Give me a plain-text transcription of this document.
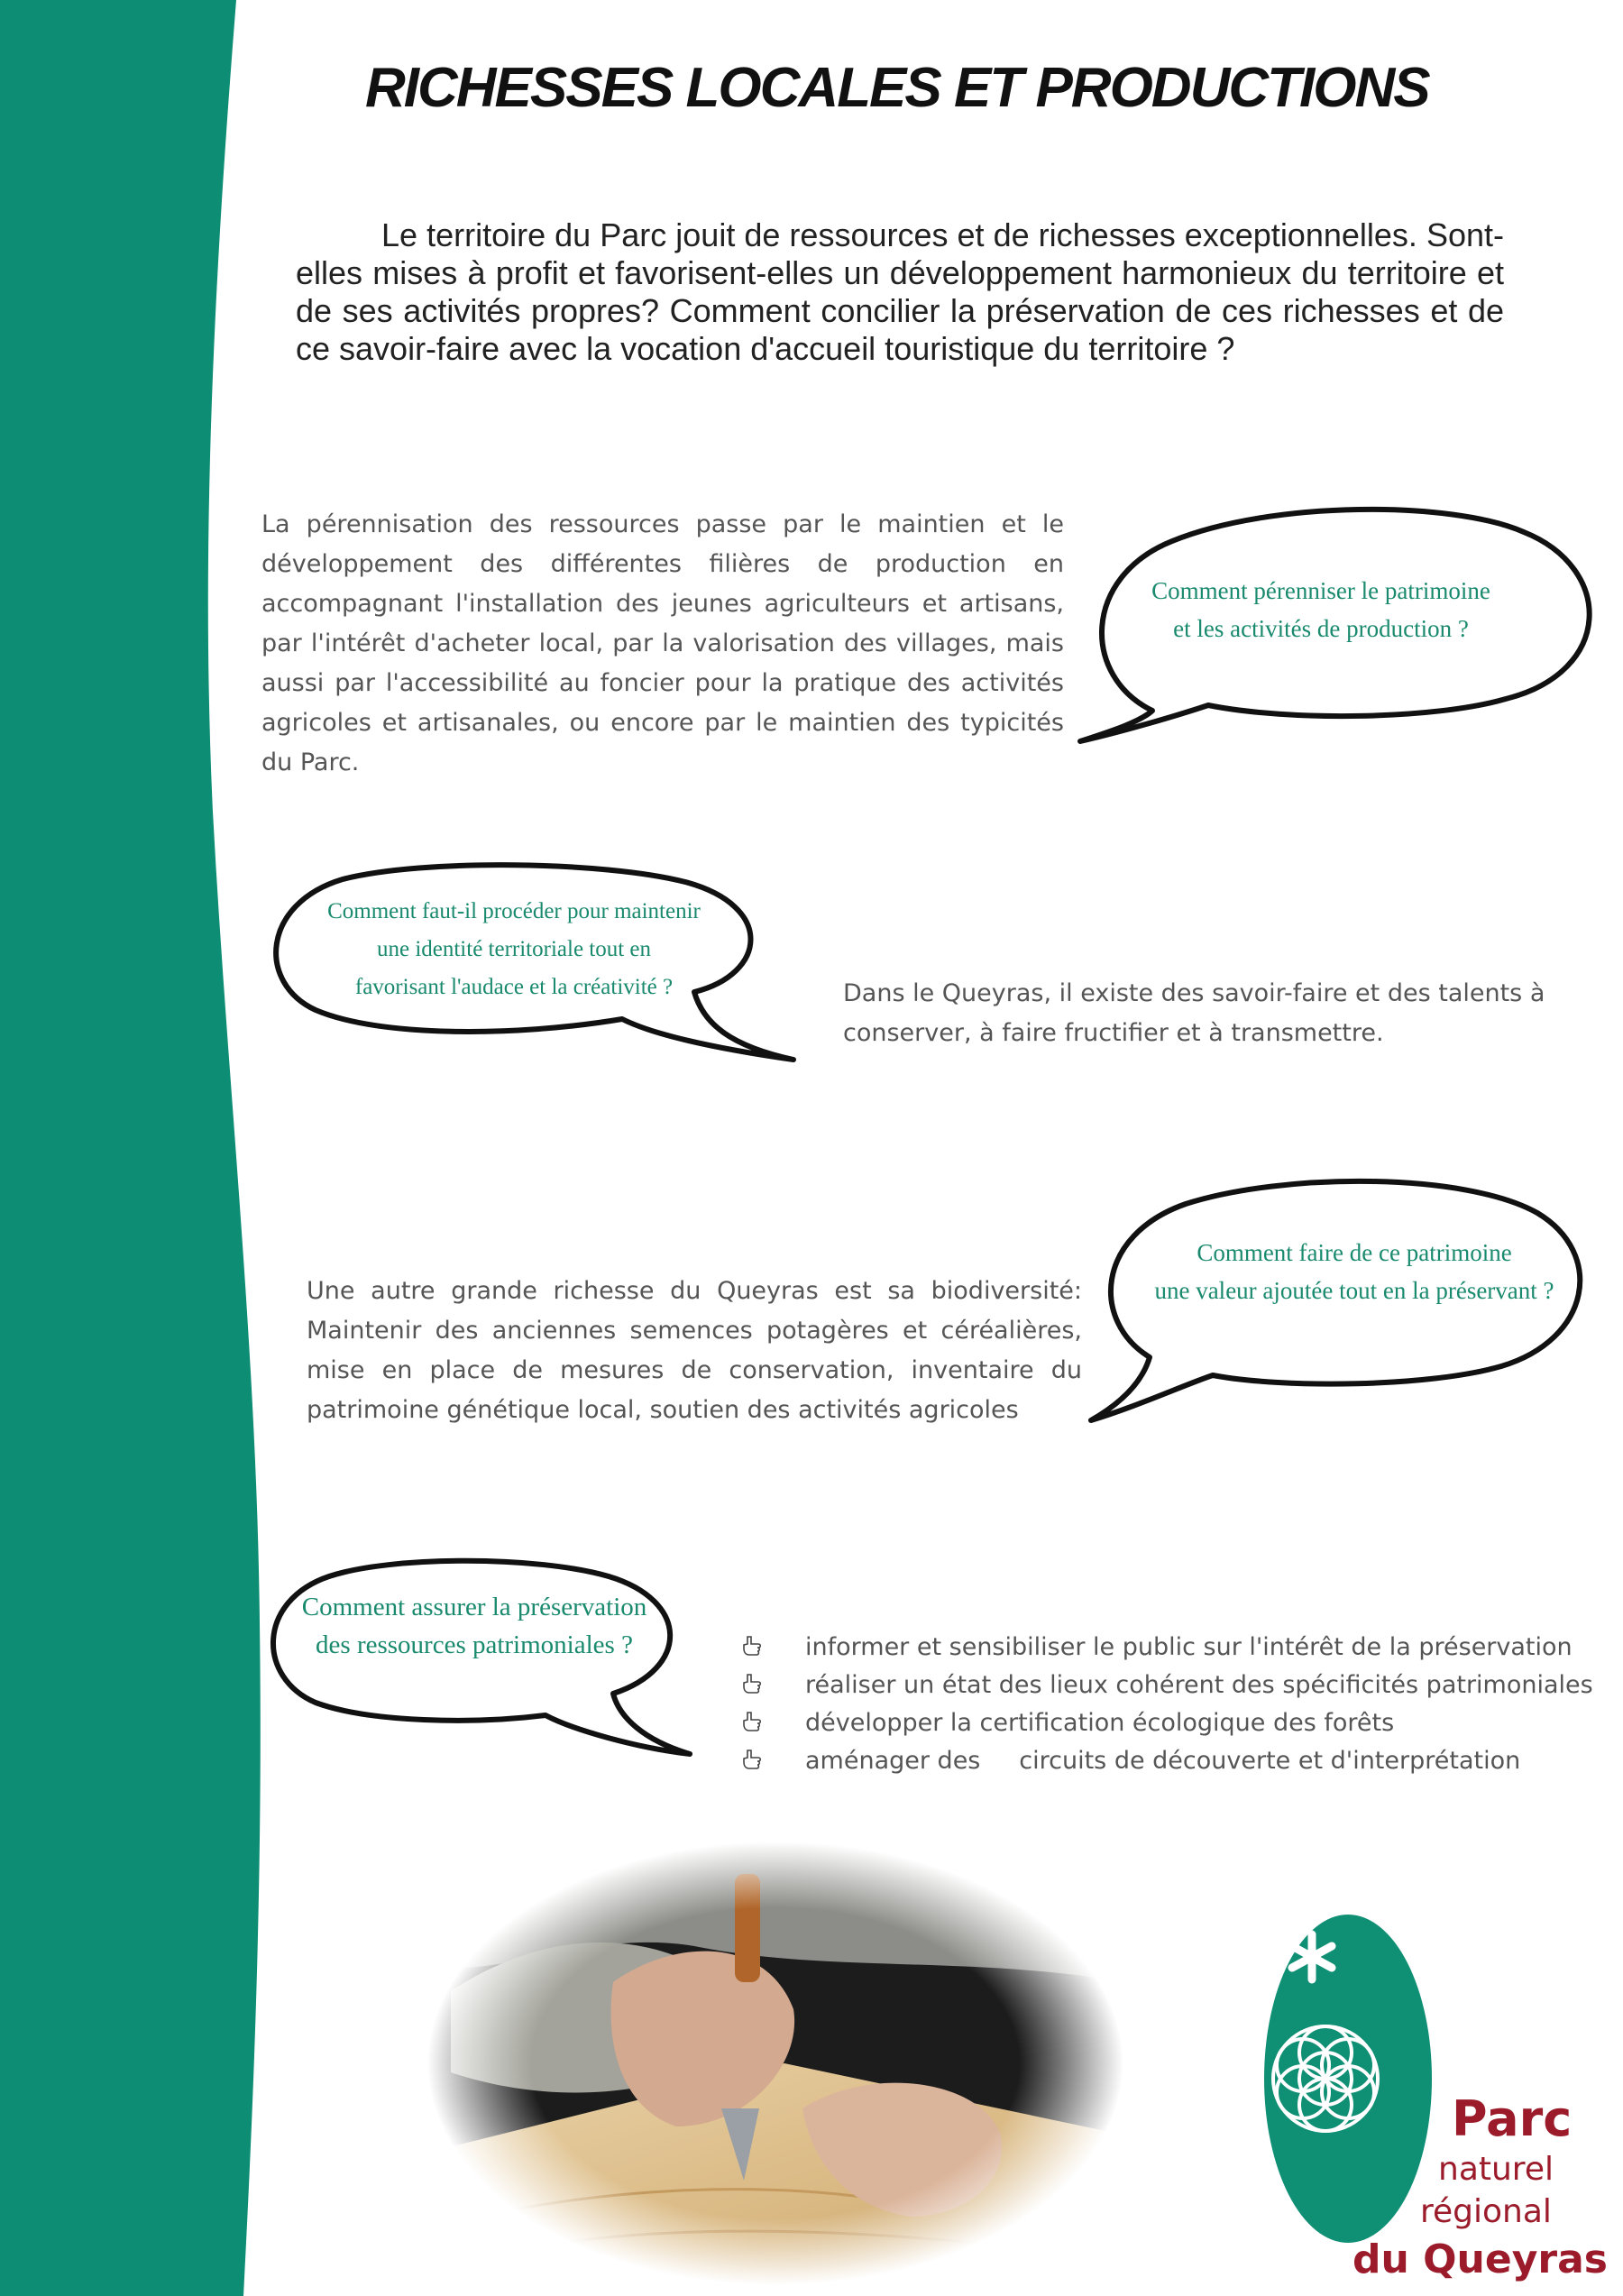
RICHESSES LOCALES ET PRODUCTIONS

Le territoire du Parc jouit de ressources et de richesses exceptionnelles. Sont-elles mises à profit et favorisent-elles un développement harmonieux du territoire et de ses activités propres? Comment concilier la préservation de ces richesses et de ce savoir-faire avec la vocation d'accueil touristique du territoire ?

La pérennisation des ressources passe par le maintien et le développement des différentes filières de production en accompagnant l'installation des jeunes agriculteurs et artisans, par l'intérêt d'acheter local, par la valorisation des villages, mais aussi par l'accessibilité au foncier pour la pratique des activités agricoles et artisanales, ou encore par le maintien des typicités du Parc.

Comment pérenniser le patrimoine
et les activités de production ?

Comment faut-il procéder pour maintenir
une identité territoriale tout en
favorisant l'audace et la créativité ?	Dans le Queyras, il existe des savoir-faire et des talents à conserver, à faire fructifier et à transmettre.

Une autre grande richesse du Queyras est sa biodiversité: Maintenir des anciennes semences potagères et céréalières, mise en place de mesures de conservation, inventaire du patrimoine génétique local, soutien des activités agricoles

Comment faire de ce patrimoine
une valeur ajoutée tout en la préservant ?

Comment assurer la préservation
des ressources patrimoniales ?	informer et sensibiliser le public sur l'intérêt de la préservation
réaliser un état des lieux cohérent des spécificités patrimoniales
développer la certification écologique des forêts
aménager des     circuits de découverte et d'interprétation

Parc

naturel

régional

du Queyras
